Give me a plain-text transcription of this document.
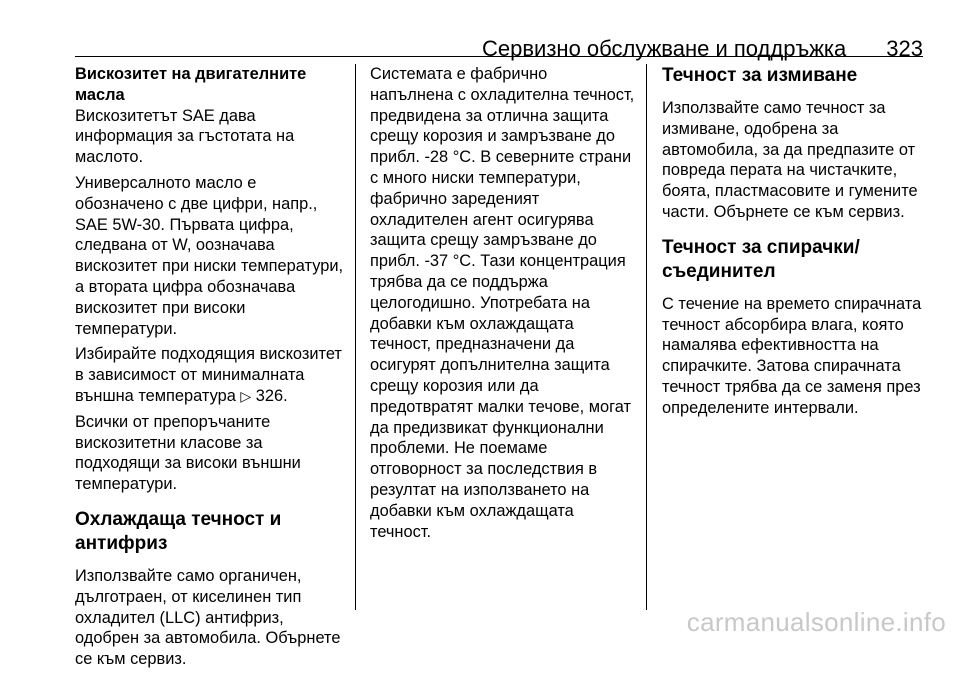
Сервизно обслужване и поддръжка 323
Вискозитет на двигателните масла

Вискозитетът SAE дава информация за гъстотата на маслото.

Универсалното масло е обозначено с две цифри, напр., SAE 5W-30. Първата цифра, следвана от W, оозначава вискозитет при ниски температури, а втората цифра обозначава вискозитет при високи температури.

Избирайте подходящия вискозитет в зависимост от минималната външна температура ▷ 326.

Всички от препоръчаните вискозитетни класове за подходящи за високи външни температури.

Охлаждаща течност и антифриз

Използвайте само органичен, дълготраен, от киселинен тип охладител (LLC) антифриз, одобрен за автомобила. Обърнете се към сервиз.

Системата е фабрично напълнена с охладителна течност, предвидена за отлична защита срещу корозия и замръзване до прибл. -28 °C. В северните страни с много ниски температури, фабрично зареденият охладителен агент осигурява защита срещу замръзване до прибл. -37 °C. Тази концентрация трябва да се поддържа целогодишно. Употребата на добавки към охлаждащата течност, предназначени да осигурят допълнителна защита срещу корозия или да предотвратят малки течове, могат да предизвикат функционални проблеми. Не поемаме отговорност за последствия в резултат на използването на добавки към охлаждащата течност.

Течност за измиване

Използвайте само течност за измиване, одобрена за автомобила, за да предпазите от повреда перата на чистачките, боята, пластмасовите и гумените части. Обърнете се към сервиз.

Течност за спирачки/ съединител

С течение на времето спирачната течност абсорбира влага, която намалява ефективността на спирачките. Затова спирачната течност трябва да се заменя през определените интервали.

carmanualsonline.info
